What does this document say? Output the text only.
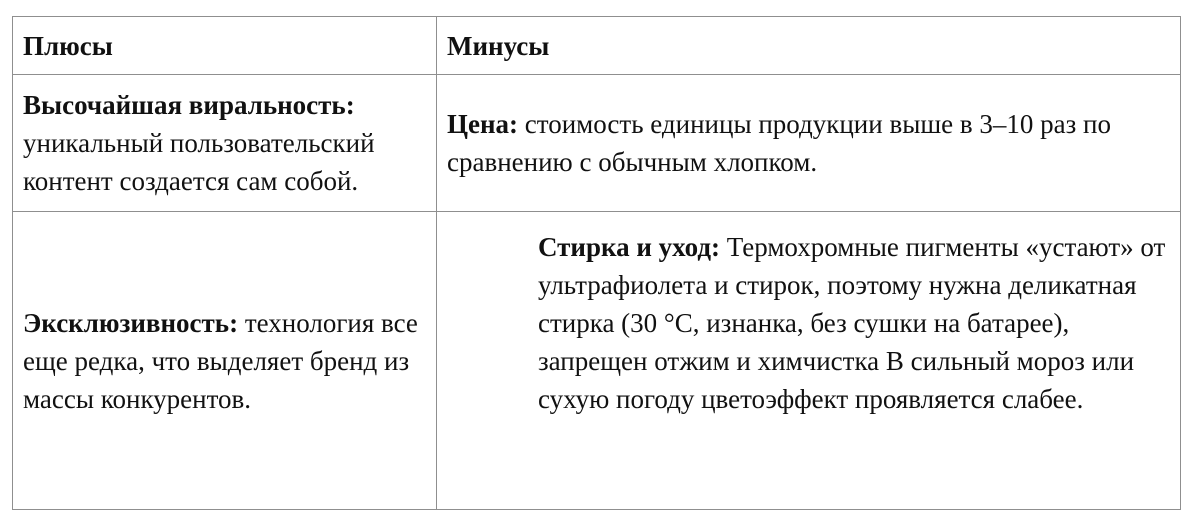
Плюсы	Минусы
Высочайшая виральность: уникальный пользовательский контент создается сам собой.
Цена: стоимость единицы продукции выше в 3–10 раз по сравнению с обычным хлопком.
Эксклюзивность: технология все еще редка, что выделяет бренд из массы конкурентов.
Стирка и уход: Термохромные пигменты «устают» от ультрафиолета и стирок, поэтому нужна деликатная стирка (30 °C, изнанка, без сушки на батарее), запрещен отжим и химчистка В сильный мороз или сухую погоду цветоэффект проявляется слабее.
